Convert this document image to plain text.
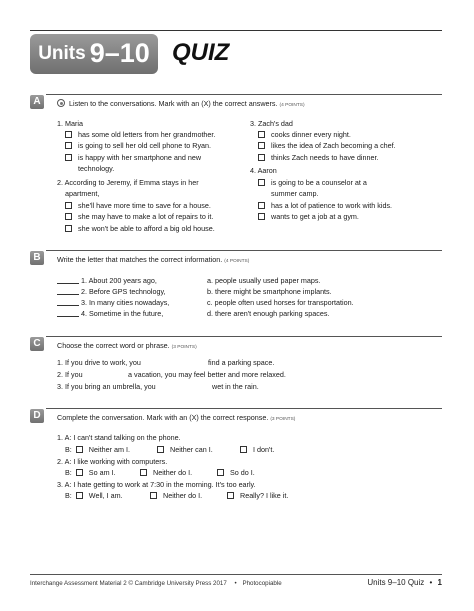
Units 9–10 QUIZ
A	Listen to the conversations. Mark with an (X) the correct answers. (4 POINTS)
1. Maria
has some old letters from her grandmother.
is going to sell her old cell phone to Ryan.
is happy with her smartphone and new
technology.
2. According to Jeremy, if Emma stays in her
apartment,
she'll have more time to save for a house.
she may have to make a lot of repairs to it.
she won't be able to afford a big old house.
3. Zach's dad
cooks dinner every night.
likes the idea of Zach becoming a chef.
thinks Zach needs to have dinner.
4. Aaron
is going to be a counselor at a
summer camp.
has a lot of patience to work with kids.
wants to get a job at a gym.
B	Write the letter that matches the correct information. (4 POINTS)
1. About 200 years ago,
2. Before GPS technology,
3. In many cities nowadays,
4. Sometime in the future,
a. people usually used paper maps.
b. there might be smartphone implants.
c. people often used horses for transportation.
d. there aren't enough parking spaces.
C	Choose the correct word or phrase. (3 POINTS)
1. If you drive to work, you	find a parking space.
2. If you	a vacation, you may feel better and more relaxed.
3. If you bring an umbrella, you	wet in the rain.
D	Complete the conversation. Mark with an (X) the correct response. (3 POINTS)
1. A: I can't stand talking on the phone.
B: Neither am I.	Neither can I.	I don't.
2. A: I like working with computers.
B: So am I.	Neither do I.	So do I.
3. A: I hate getting to work at 7:30 in the morning. It's too early.
B: Well, I am.	Neither do I.	Really? I like it.
Interchange Assessment Material 2 © Cambridge University Press 2017 • Photocopiable	Units 9–10 Quiz • 1
